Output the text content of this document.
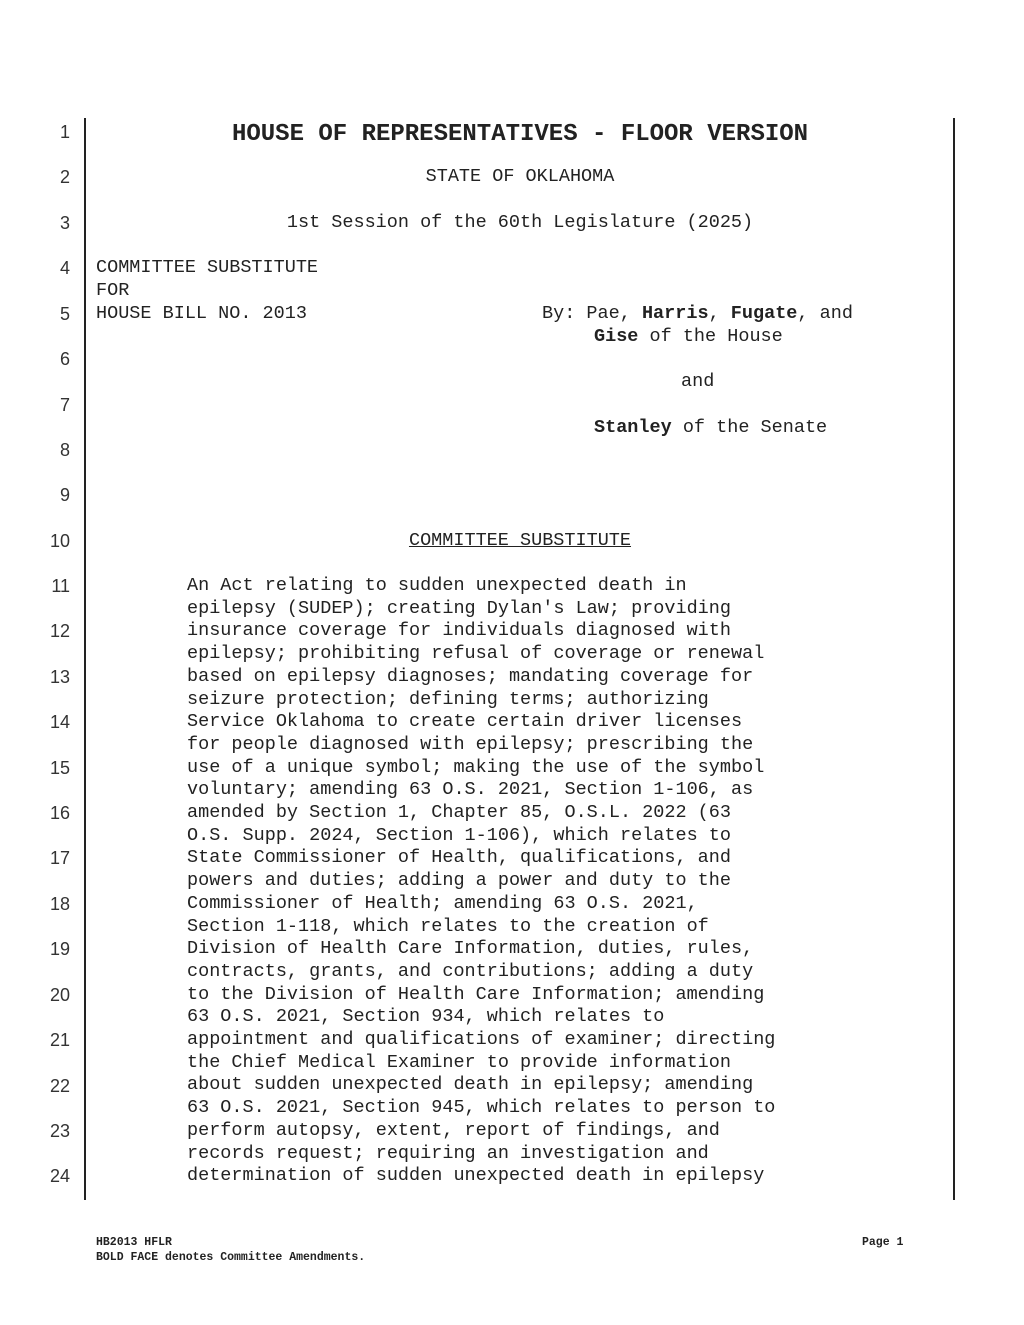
1
2
3
4
5
6
7
8
9
10
11
12
13
14
15
16
17
18
19
20
21
22
23
24
HOUSE OF REPRESENTATIVES - FLOOR VERSION
STATE OF OKLAHOMA
1st Session of the 60th Legislature (2025)
COMMITTEE SUBSTITUTE
FOR
HOUSE BILL NO. 2013	By: Pae, Harris, Fugate, and
Gise of the House
and
Stanley of the Senate
COMMITTEE SUBSTITUTE
An Act relating to sudden unexpected death in
epilepsy (SUDEP); creating Dylan's Law; providing
insurance coverage for individuals diagnosed with
epilepsy; prohibiting refusal of coverage or renewal
based on epilepsy diagnoses; mandating coverage for
seizure protection; defining terms; authorizing
Service Oklahoma to create certain driver licenses
for people diagnosed with epilepsy; prescribing the
use of a unique symbol; making the use of the symbol
voluntary; amending 63 O.S. 2021, Section 1-106, as
amended by Section 1, Chapter 85, O.S.L. 2022 (63
O.S. Supp. 2024, Section 1-106), which relates to
State Commissioner of Health, qualifications, and
powers and duties; adding a power and duty to the
Commissioner of Health; amending 63 O.S. 2021,
Section 1-118, which relates to the creation of
Division of Health Care Information, duties, rules,
contracts, grants, and contributions; adding a duty
to the Division of Health Care Information; amending
63 O.S. 2021, Section 934, which relates to
appointment and qualifications of examiner; directing
the Chief Medical Examiner to provide information
about sudden unexpected death in epilepsy; amending
63 O.S. 2021, Section 945, which relates to person to
perform autopsy, extent, report of findings, and
records request; requiring an investigation and
determination of sudden unexpected death in epilepsy
HB2013 HFLR
BOLD FACE denotes Committee Amendments.
Page 1
